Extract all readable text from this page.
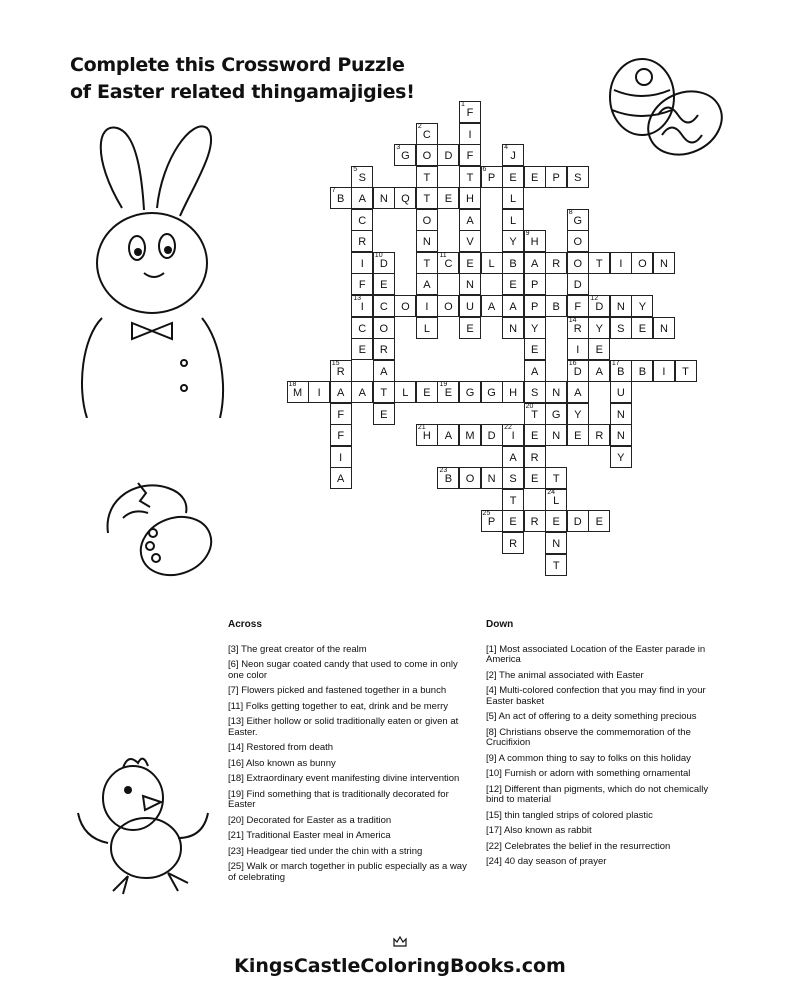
Complete this Crossword Puzzle
of Easter related thingamajigies!
1
F
I
F
T
H
A
V
E
N
U
E
2
C
O
T
T
O
N
T
A
I
L
3
G	D
4
J
E
L
L
Y
B
E
A
N
5
S
A
C
R
I
F
13
I
C
E
6
P	E	P	S
7
B	N	Q	E
8
G
O
O
D
F
14
R
I
16
D
A
Y
9
H
A
P
P
Y
E
A
S
20
T
E
R
10
D
E
C
O
R
A
T
E
11
C	L	R	T	I	O	N
12
D
Y
E
O	O	A	B	N	Y
S	E	N
15
R
A
F
F
I
A
A
17
B	B	I	T
U
N
N
Y
18
M	I	A	L	E
19
E	G	G	H	N
G
21
H	A	M	D
22
I	N	E	R
A
S
T
E
R
23
B	O	N	E	T
24
L
E
N
T
25
P	R	D	E
Across
[3] The great creator of the realm
[6] Neon sugar coated candy that used to come in only one color
[7] Flowers picked and fastened together in a bunch
[11] Folks getting together to eat, drink and be merry
[13] Either hollow or solid traditionally eaten or given at Easter.
[14] Restored from death
[16] Also known as bunny
[18] Extraordinary event manifesting divine intervention
[19] Find something that is traditionally decorated for Easter
[20] Decorated for Easter as a tradition
[21] Traditional Easter meal in America
[23] Headgear tied under the chin with a string
[25] Walk or march together in public especially as a way of celebrating
Down
[1] Most associated Location of the Easter parade in America
[2] The animal associated with Easter
[4] Multi-colored confection that you may find in your Easter basket
[5] An act of offering to a deity something precious
[8] Christians observe the commemoration of the Crucifixion
[9] A common thing to say to folks on this holiday
[10] Furnish or adorn with something ornamental
[12] Different than pigments, which do not chemically bind to material
[15] thin tangled strips of colored plastic
[17] Also known as rabbit
[22] Celebrates the belief in the resurrection
[24] 40 day season of prayer
KingsCastleColoringBooks.com
